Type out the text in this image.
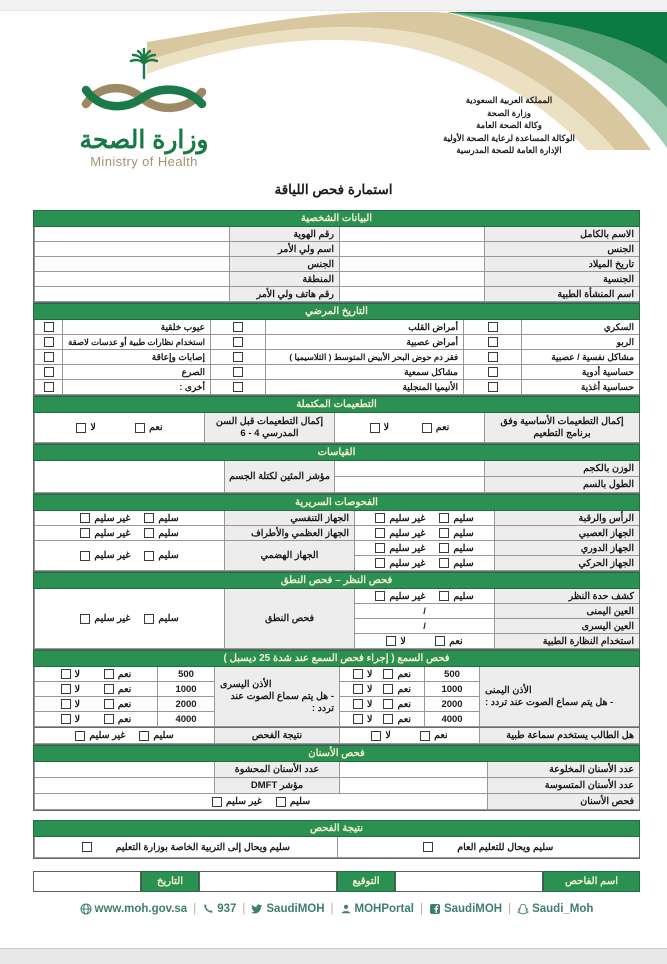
وزارة الصحة
Ministry of Health
المملكة العربية السعودية
وزارة الصحة
وكالة الصحة العامة
الوكالة المساعدة لرعاية الصحة الأولية
الإدارة العامة للصحة المدرسية
استمارة فحص اللياقة
البيانات الشخصية
الاسم بالكامل
رقم الهوية
الجنس
اسم ولي الأمر
تاريخ الميلاد
الجنس
الجنسية
المنطقة
اسم المنشأة الطبية
رقم هاتف ولي الأمر
التاريخ المرضي
السكري
أمراض القلب
عيوب خلقية
الربو
أمراض عصبية
استخدام نظارات طبية أو عدسات لاصقة
مشاكل نفسية / عصبية
فقر دم حوض البحر الأبيض المتوسط ( الثلاسيميا )
إصابات وإعاقة
حساسية أدوية
مشاكل سمعية
الصرع
حساسية أغذية
الأنيميا المنجلية
أخرى :
التطعيمات المكتملة
إكمال التطعيمات الأساسية وفق برنامج التطعيم
نعم
لا
إكمال التطعيمات قبل السن المدرسي 4 - 6
نعم
لا
القياسات
الوزن بالكجم
مؤشر المئين لكتلة الجسم
الطول بالسم
الفحوصات السريرية
الرأس والرقبة
سليم
غير سليم
الجهاز التنفسي
سليم
غير سليم
الجهاز العصبي
سليم
غير سليم
الجهاز العظمي والأطراف
سليم
غير سليم
الجهاز الدوري
سليم
غير سليم
الجهاز الهضمي
سليم
غير سليم
الجهاز الحركي
سليم
غير سليم
فحص النظر – فحص النطق
كشف حدة النظر
سليم
غير سليم
فحص النطق
سليم
غير سليم
العين اليمنى
/
العين اليسرى
/
استخدام النظارة الطبية
نعم
لا
فحص السمع ( إجراء فحص السمع عند شدة 25 ديسبل )
الأذن اليمنى
- هل يتم سماع الصوت عند تردد :
500
نعم
لا
الأذن اليسرى
- هل يتم سماع الصوت عند تردد :
500
نعم
لا
1000
نعم
لا
1000
نعم
لا
2000
نعم
لا
2000
نعم
لا
4000
نعم
لا
4000
نعم
لا
هل الطالب يستخدم سماعة طبية
نعم
لا
نتيجة الفحص
سليم
غير سليم
فحص الأسنان
عدد الأسنان المخلوعة
عدد الأسنان المحشوة
عدد الأسنان المتسوسة
مؤشر DMFT
فحص الأسنان
سليم
غير سليم
نتيجة الفحص
سليم ويحال للتعليم العام
سليم ويحال إلى التربية الخاصة بوزارة التعليم
اسم الفاحص
التوقيع
التاريخ
www.moh.gov.sa | 937 | SaudiMOH | MOHPortal | SaudiMOH | Saudi_Moh
